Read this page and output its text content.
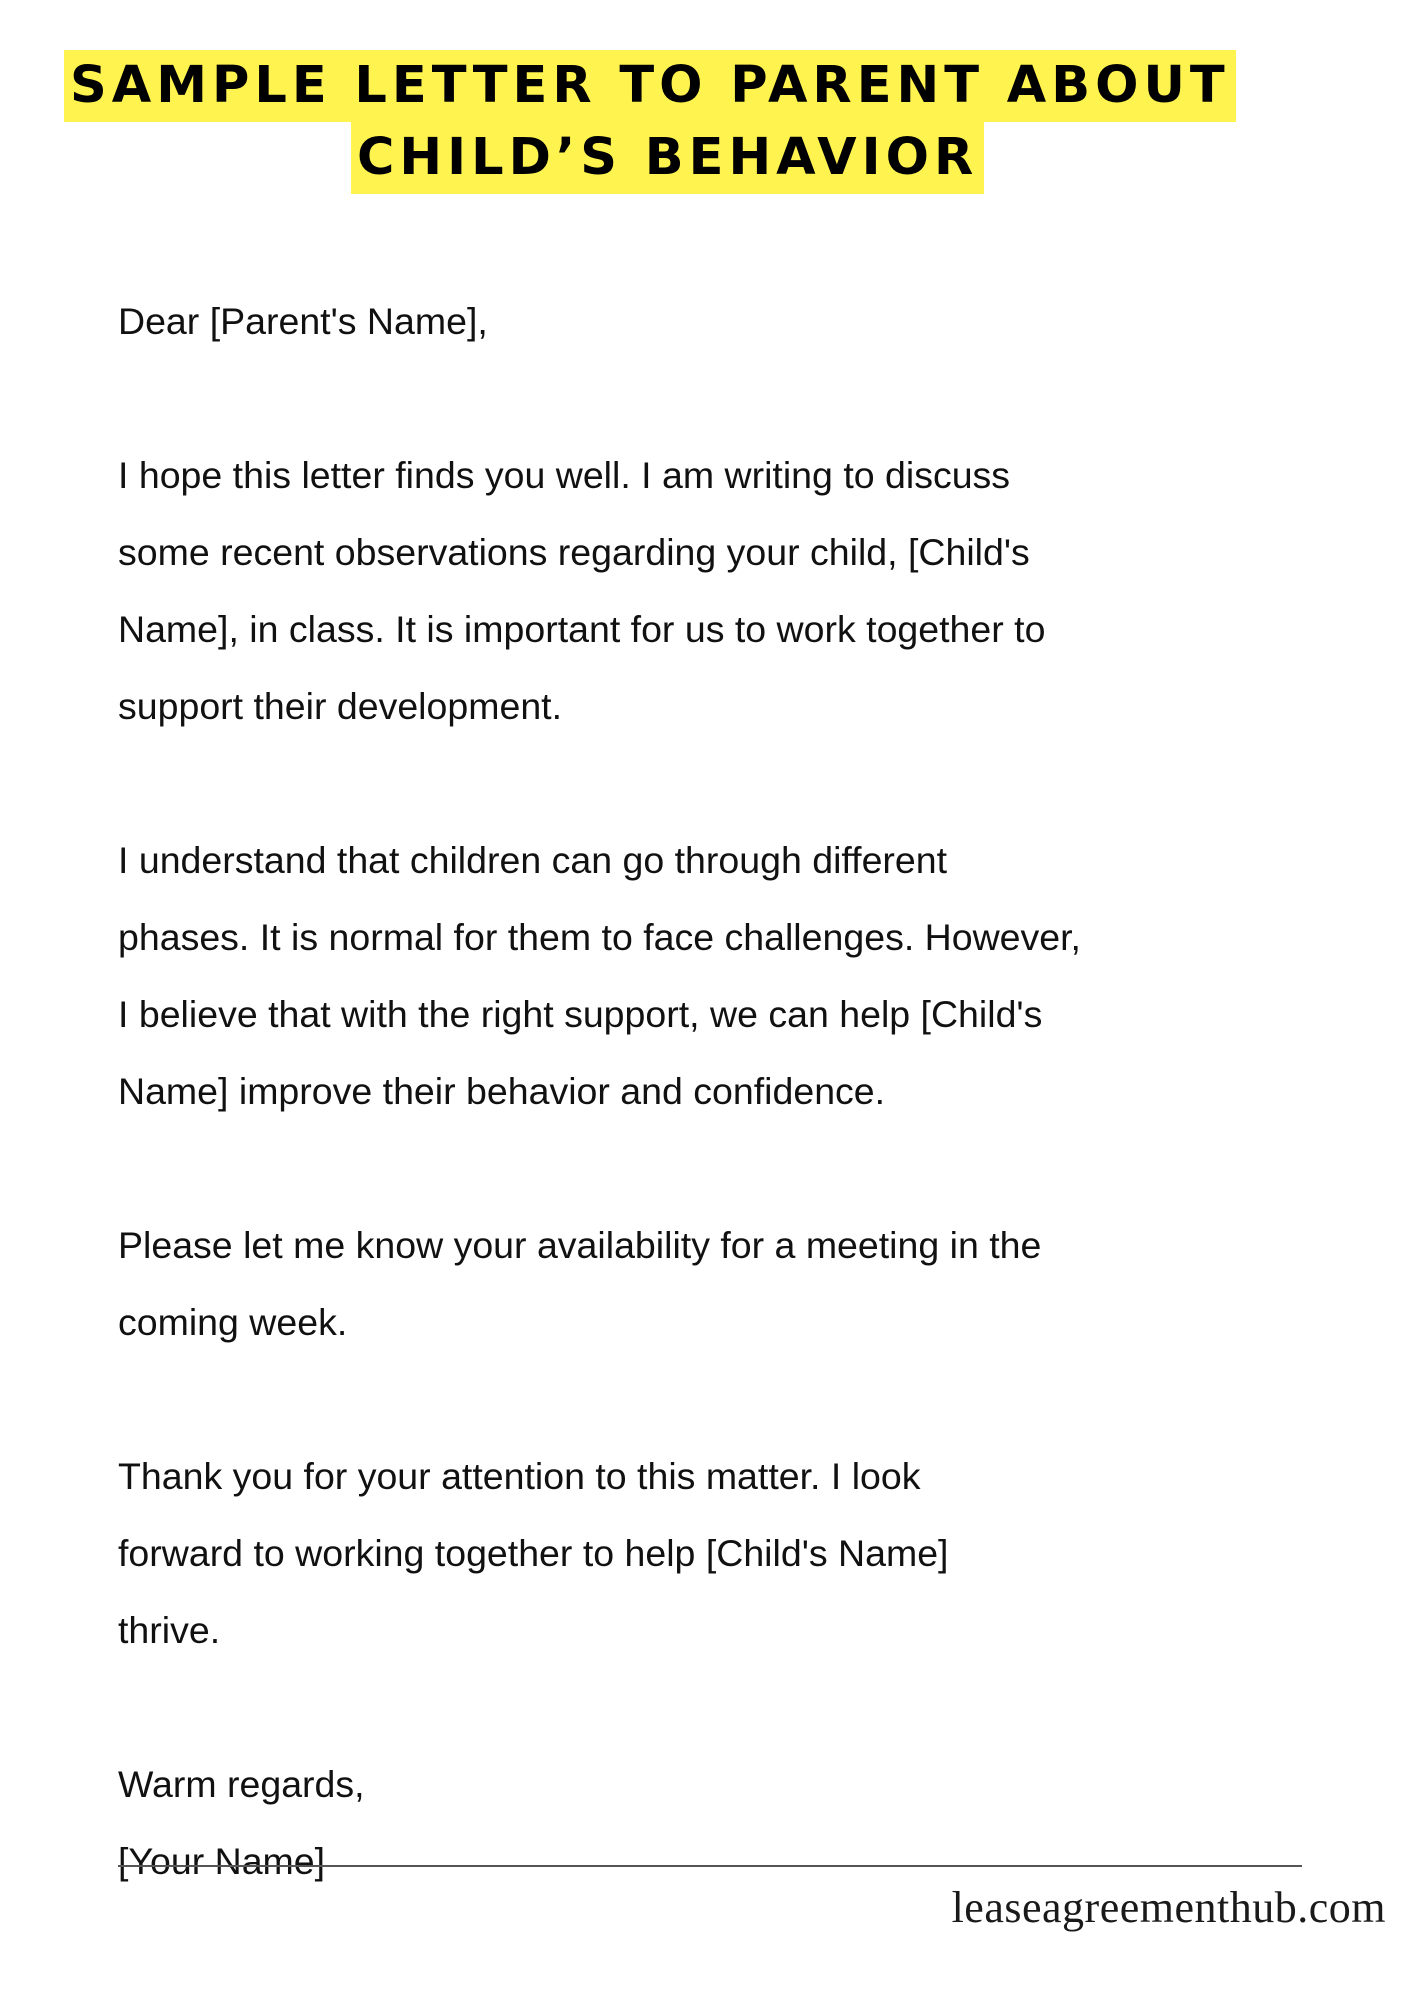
SAMPLE LETTER TO PARENT ABOUT
CHILD’S BEHAVIOR

Dear [Parent's Name],

I hope this letter finds you well. I am writing to discuss
some recent observations regarding your child, [Child's
Name], in class. It is important for us to work together to
support their development.

I understand that children can go through different
phases. It is normal for them to face challenges. However,
I believe that with the right support, we can help [Child's
Name] improve their behavior and confidence.

Please let me know your availability for a meeting in the
coming week.

Thank you for your attention to this matter. I look
forward to working together to help [Child's Name]
thrive.

Warm regards,

[Your Name]

leaseagreementhub.com
